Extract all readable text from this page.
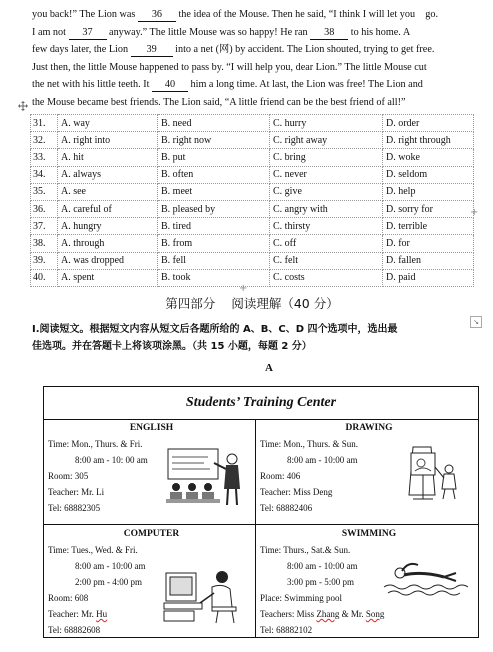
you back!” The Lion was 36 the idea of the Mouse. Then he said, “I think I will let you go.

I am not 37 anyway.” The little Mouse was so happy! He ran 38 to his home. A

few days later, the Lion 39 into a net (网) by accident. The Lion shouted, trying to get free.

Just then, the little Mouse happened to pass by. “I will help you, dear Lion.” The little Mouse cut

the net with his little teeth. It 40 him a long time. At last, the Lion was free! The Lion and

the Mouse became best friends. The Lion said, “A little friend can be the best friend of all!”

31.	A. way	B. need	C. hurry	D. order
32.	A. right into	B. right now	C. right away	D. right through
33.	A. hit	B. put	C. bring	D. woke
34.	A. always	B. often	C. never	D. seldom
35.	A. see	B. meet	C. give	D. help
36.	A. careful of	B. pleased by	C. angry with	D. sorry for
37.	A. hungry	B. tired	C. thirsty	D. terrible
38.	A. through	B. from	C. off	D. for
39.	A. was dropped	B. fell	C. felt	D. fallen
40.	A. spent	B. took	C. costs	D. paid
+
+
第四部分 阅读理解（40 分）
↘

Ⅰ.阅读短文。根据短文内容从短文后各题所给的 A、B、C、D 四个选项中，选出最

佳选项。并在答题卡上将该项涂黑。（共 15 小题，每题 2 分）

A
Students’ Training Center
ENGLISH
Time: Mon., Thurs. & Fri.
8:00 am - 10: 00 am
Room: 305
Teacher: Mr. Li
Tel: 68882305
DRAWING
Time: Mon., Thurs. & Sun.
8:00 am - 10:00 am
Room: 406
Teacher: Miss Deng
Tel: 68882406
COMPUTER
Time: Tues., Wed. & Fri.
8:00 am - 10:00 am
2:00 pm - 4:00 pm
Room: 608
Teacher: Mr. Hu
Tel: 68882608
SWIMMING
Time: Thurs., Sat.& Sun.
8:00 am - 10:00 am
3:00 pm - 5:00 pm
Place: Swimming pool
Teachers: Miss Zhang & Mr. Song
Tel: 68882102
